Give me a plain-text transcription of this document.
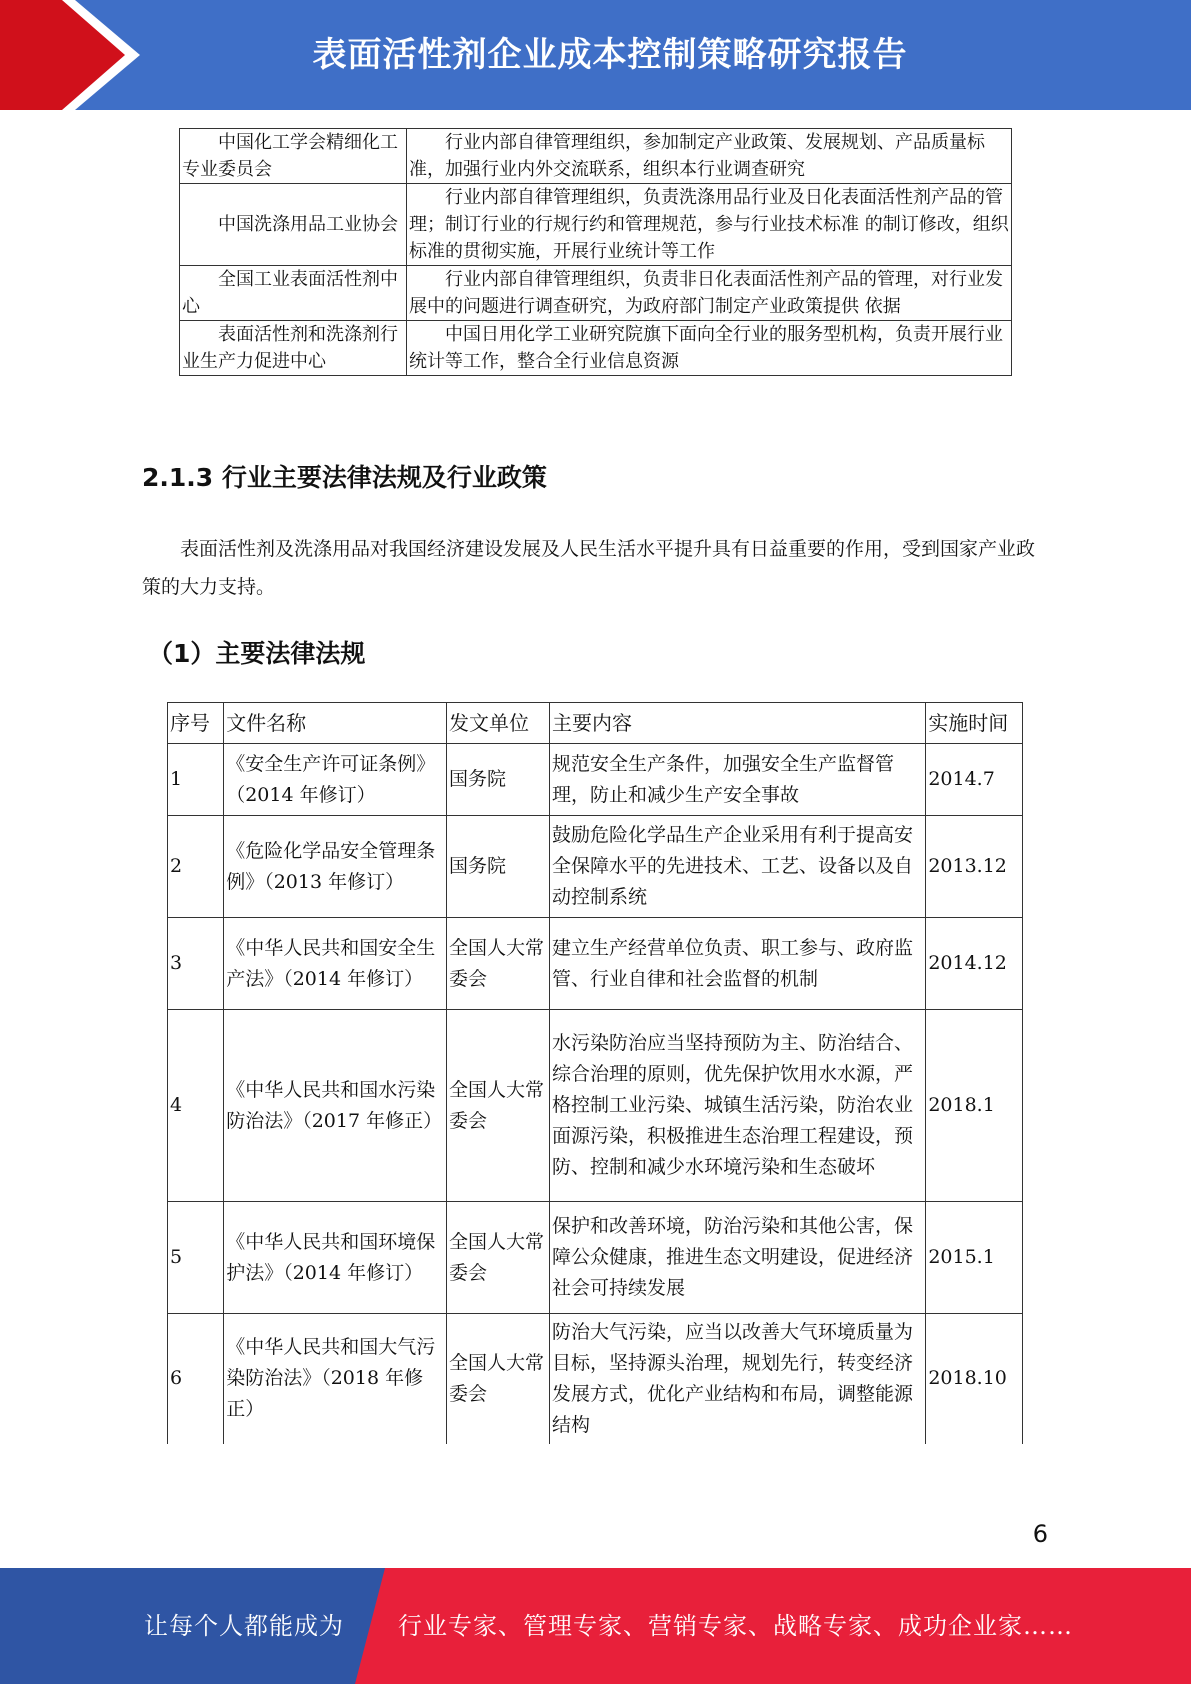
表面活性剂企业成本控制策略研究报告
中国化工学会精细化工专业委员会	行业内部自律管理组织，参加制定产业政策、发展规划、产品质量标准，加强行业内外交流联系，组织本行业调查研究
中国洗涤用品工业协会	行业内部自律管理组织，负责洗涤用品行业及日化表面活性剂产品的管理；制订行业的行规行约和管理规范，参与行业技术标准 的制订修改，组织标准的贯彻实施，开展行业统计等工作
全国工业表面活性剂中心	行业内部自律管理组织，负责非日化表面活性剂产品的管理，对行业发展中的问题进行调查研究，为政府部门制定产业政策提供 依据
表面活性剂和洗涤剂行业生产力促进中心	中国日用化学工业研究院旗下面向全行业的服务型机构，负责开展行业统计等工作，整合全行业信息资源
2.1.3 行业主要法律法规及行业政策
表面活性剂及洗涤用品对我国经济建设发展及人民生活水平提升具有日益重要的作用，受到国家产业政策的大力支持。
（1）主要法律法规
序号	文件名称	发文单位	主要内容	实施时间
1	《安全生产许可证条例》（2014 年修订）	国务院	规范安全生产条件，加强安全生产监督管理，防止和减少生产安全事故	2014.7
2	《危险化学品安全管理条例》（2013 年修订）	国务院	鼓励危险化学品生产企业采用有利于提高安全保障水平的先进技术、工艺、设备以及自动控制系统	2013.12
3	《中华人民共和国安全生产法》（2014 年修订）	全国人大常委会	建立生产经营单位负责、职工参与、政府监管、行业自律和社会监督的机制	2014.12
4	《中华人民共和国水污染防治法》（2017 年修正）	全国人大常委会	水污染防治应当坚持预防为主、防治结合、综合治理的原则，优先保护饮用水水源，严格控制工业污染、城镇生活污染，防治农业面源污染，积极推进生态治理工程建设，预防、控制和减少水环境污染和生态破坏	2018.1
5	《中华人民共和国环境保护法》（2014 年修订）	全国人大常委会	保护和改善环境，防治污染和其他公害，保障公众健康，推进生态文明建设，促进经济社会可持续发展	2015.1
6	《中华人民共和国大气污染防治法》（2018 年修正）	全国人大常委会	防治大气污染，应当以改善大气环境质量为目标，坚持源头治理，规划先行，转变经济发展方式，优化产业结构和布局，调整能源结构	2018.10
6
让每个人都能成为 行业专家、管理专家、营销专家、战略专家、成功企业家……
